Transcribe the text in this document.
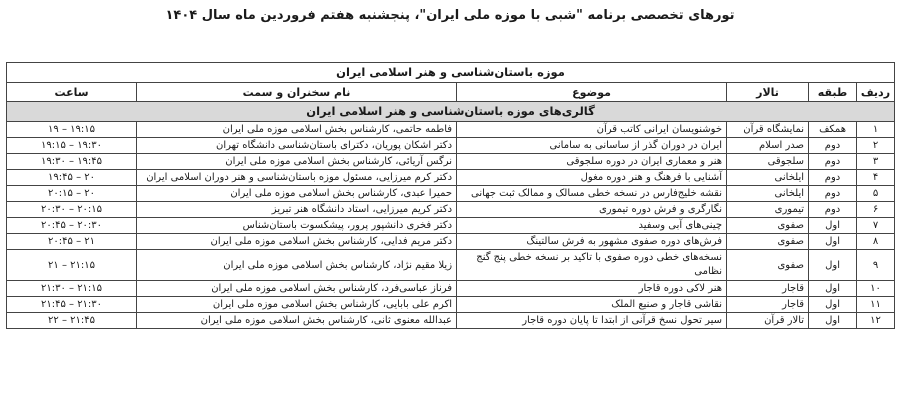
تورهای تخصصی برنامه "شبی با موزه ملی ایران"، پنجشنبه هفتم فروردین ماه سال ۱۴۰۴
موزه باستان‌شناسی و هنر اسلامی ایران					
ردیف	طبقه	تالار	موضوع	نام سخنران و سمت	ساعت
گالری‌های موزه باستان‌شناسی و هنر اسلامی ایران					
۱	همکف	نمایشگاه قرآن	خوشنویسان ایرانی کاتب قرآن	فاطمه حاتمی، کارشناس بخش اسلامی موزه ملی ایران	۱۹:۱۵ – ۱۹
۲	دوم	صدر اسلام	ایران در دوران گذر از ساسانی به سامانی	دکتر اشکان پوریان، دکترای باستان‌شناسی دانشگاه تهران	۱۹:۳۰ – ۱۹:۱۵
۳	دوم	سلجوقی	هنر و معماری ایران در دوره سلجوقی	نرگس آریائی، کارشناس بخش اسلامی موزه ملی ایران	۱۹:۴۵ – ۱۹:۳۰
۴	دوم	ایلخانی	آشنایی با فرهنگ و هنر دوره مغول	دکتر کرم میرزایی، مسئول موزه باستان‌شناسی و هنر دوران اسلامی ایران	۲۰ – ۱۹:۴۵
۵	دوم	ایلخانی	نقشه خلیج‌فارس در نسخه خطی مسالک و ممالک ثبت جهانی	حمیرا عبدی، کارشناس بخش اسلامی موزه ملی ایران	۲۰ – ۲۰:۱۵
۶	دوم	تیموری	نگارگری و فرش دوره تیموری	دکتر کریم میرزایی، استاد دانشگاه هنر تبریز	۲۰:۱۵ – ۲۰:۳۰
۷	اول	صفوی	چینی‌های آبی وسفید	دکتر فخری دانشپور پرور، پیشکسوت باستان‌شناس	۲۰:۳۰ – ۲۰:۴۵
۸	اول	صفوی	فرش‌های دوره صفوی مشهور به فرش سالتینگ	دکتر مریم فدایی، کارشناس بخش اسلامی موزه ملی ایران	۲۱ – ۲۰:۴۵
۹	اول	صفوی	نسخه‌های خطی دوره صفوی با تاکید بر نسخه خطی پنج گنج نظامی	زیلا مقیم نژاد، کارشناس بخش اسلامی موزه ملی ایران	۲۱:۱۵ – ۲۱
۱۰	اول	قاجار	هنر لاکی دوره قاجار	فرناز عباسی‌فرد، کارشناس بخش اسلامی موزه ملی ایران	۲۱:۱۵ – ۲۱:۳۰
۱۱	اول	قاجار	نقاشی قاجار و صنیع الملک	اکرم علی بابایی، کارشناس بخش اسلامی موزه ملی ایران	۲۱:۳۰ – ۲۱:۴۵
۱۲	اول	تالار قرآن	سیر تحول نسخ قرآنی از ابتدا تا پایان دوره قاجار	عبدالله معنوی ثانی، کارشناس بخش اسلامی موزه ملی ایران	۲۱:۴۵ – ۲۲
